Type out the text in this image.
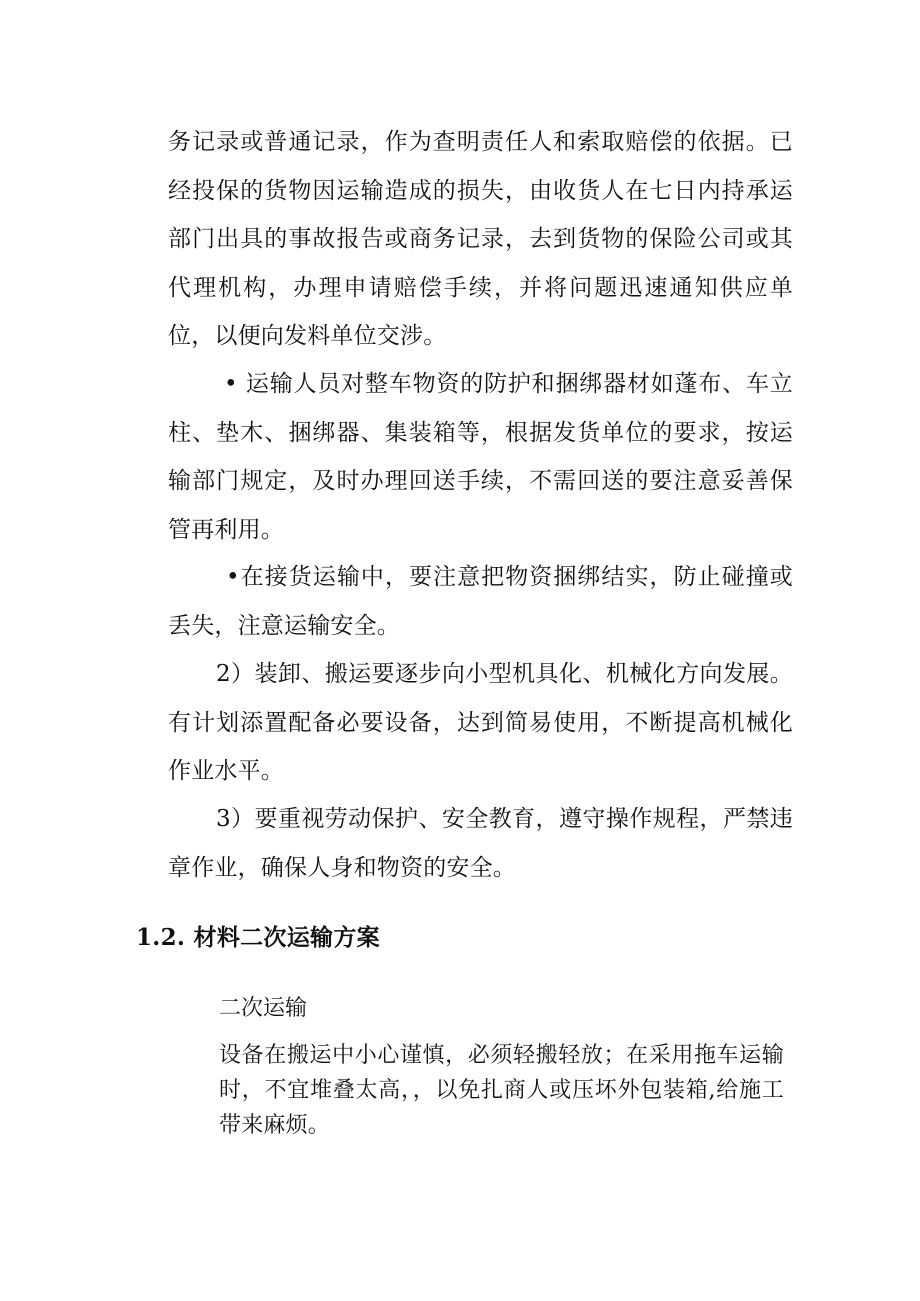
务记录或普通记录，作为查明责任人和索取赔偿的依据。已经投保的货物因运输造成的损失，由收货人在七日内持承运部门出具的事故报告或商务记录，去到货物的保险公司或其代理机构，办理申请赔偿手续，并将问题迅速通知供应单位，以便向发料单位交涉。

• 运输人员对整车物资的防护和捆绑器材如蓬布、车立柱、垫木、捆绑器、集装箱等，根据发货单位的要求，按运输部门规定，及时办理回送手续，不需回送的要注意妥善保管再利用。

•在接货运输中，要注意把物资捆绑结实，防止碰撞或丢失，注意运输安全。

2）装卸、搬运要逐步向小型机具化、机械化方向发展。有计划添置配备必要设备，达到简易使用，不断提高机械化作业水平。

3）要重视劳动保护、安全教育，遵守操作规程，严禁违章作业，确保人身和物资的安全。

1.2. 材料二次运输方案

二次运输

设备在搬运中小心谨慎，必须轻搬轻放；在采用拖车运输时，不宜堆叠太高，，以免扎商人或压坏外包装箱,给施工带来麻烦。
